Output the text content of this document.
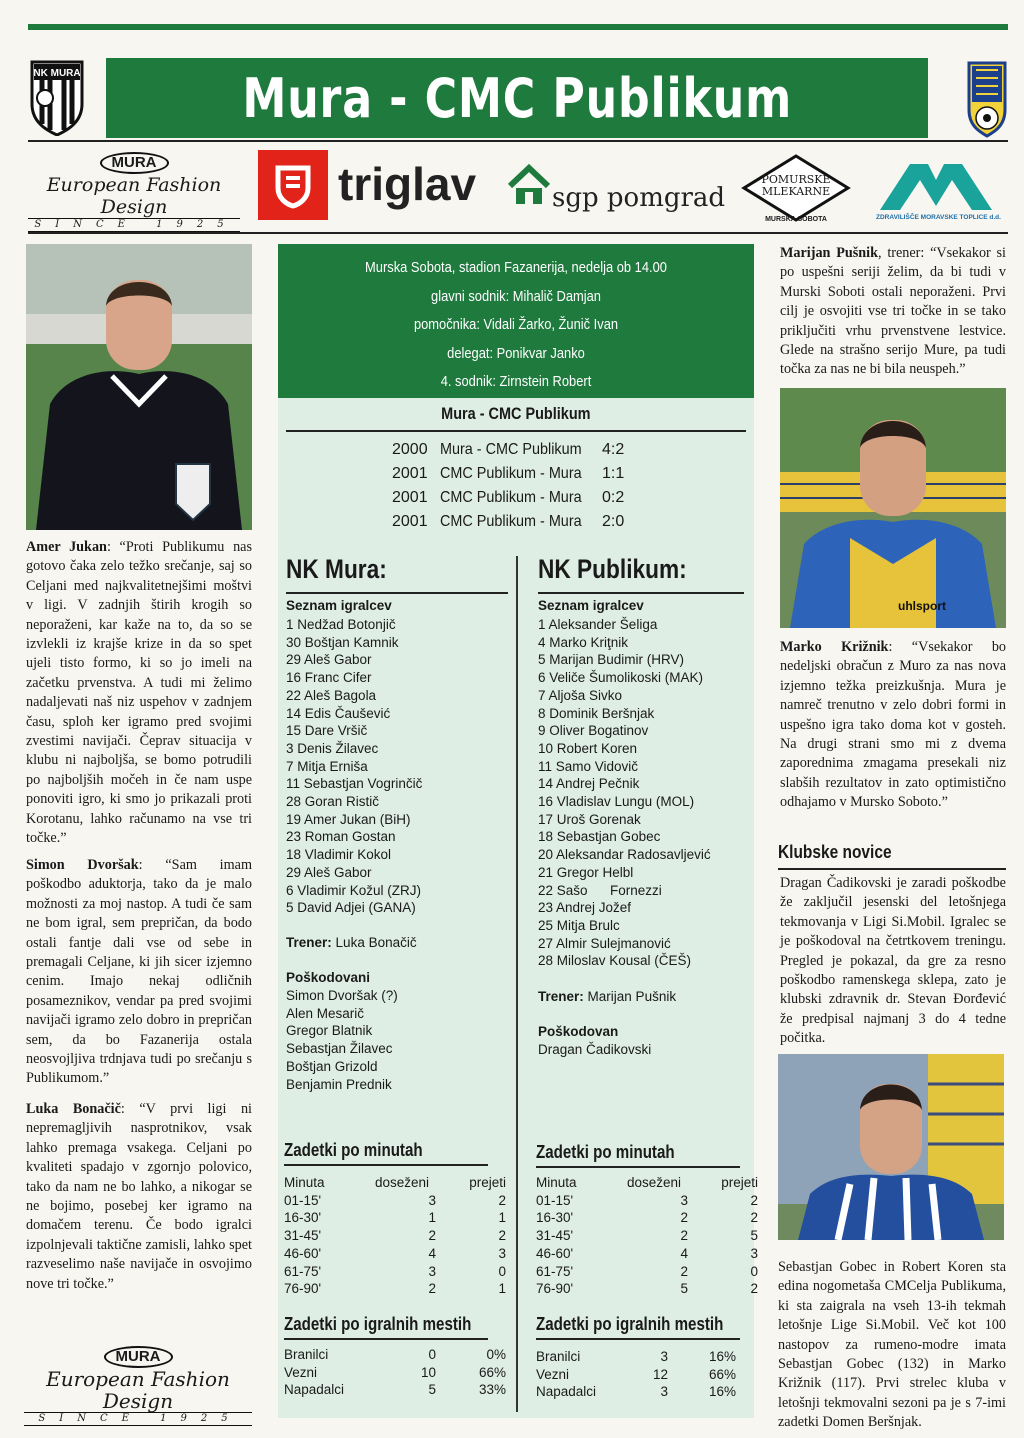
NK MURA	Mura - CMC Publikum
MURA
European Fashion Design
SINCE 1925
triglav	sgp pomgrad
POMURSKE
MLEKARNE
MURSKA SOBOTA	ZDRAVILIŠČE MORAVSKE TOPLICE d.d.
Amer Jukan: “Proti Publikumu nas gotovo čaka zelo težko srečanje, saj so Celjani med najkvalitetnejšimi moštvi v ligi. V zadnjih štirih krogih so neporaženi, kar kaže na to, da so se izvlekli iz krajše krize in da so spet ujeli tisto formo, ki so jo imeli na začetku prvenstva. A tudi mi želimo nadaljevati naš niz uspehov v zadnjem času, sploh ker igramo pred svojimi zvestimi navijači. Čeprav situacija v klubu ni najboljša, se bomo potrudili po najboljših močeh in če nam uspe ponoviti igro, ki smo jo prikazali proti Korotanu, lahko računamo na vse tri točke.”
Simon Dvoršak: “Sam imam poškodbo aduktorja, tako da je malo možnosti za moj nastop. A tudi če sam ne bom igral, sem prepričan, da bodo ostali fantje dali vse od sebe in premagali Celjane, ki jih sicer izjemno cenim. Imajo nekaj odličnih posameznikov, vendar pa pred svojimi navijači igramo zelo dobro in prepričan sem, da bo Fazanerija ostala neosvojljiva trdnjava tudi po srečanju s Publikumom.”
Luka Bonačič: “V prvi ligi ni nepremagljivih nasprotnikov, vsak lahko premaga vsakega. Celjani po kvaliteti spadajo v zgornjo polovico, tako da nam ne bo lahko, a nikogar se ne bojimo, posebej ker igramo na domačem terenu. Če bodo igralci izpolnjevali taktične zamisli, lahko spet razveselimo naše navijače in osvojimo nove tri točke.”
MURA
European Fashion Design
SINCE 1925
Murska Sobota, stadion Fazanerija, nedelja ob 14.00
glavni sodnik: Mihalič Damjan
pomočnika: Vidali Žarko, Žunič Ivan
delegat: Ponikvar Janko
4. sodnik: Zirnstein Robert
Mura - CMC Publikum
2000 Mura - CMC Publikum 4:2
2001 CMC Publikum - Mura 1:1
2001 CMC Publikum - Mura 0:2
2001 CMC Publikum - Mura 2:0
NK Mura:
Seznam igralcev
1 Nedžad Botonjič
30 Boštjan Kamnik
29 Aleš Gabor
16 Franc Cifer
22 Aleš Bagola
14 Edis Čaušević
15 Dare Vršič
3 Denis Žilavec
7 Mitja Erniša
11 Sebastjan Vogrinčič
28 Goran Ristič
19 Amer Jukan (BiH)
23 Roman Gostan
18 Vladimir Kokol
29 Aleš Gabor
6 Vladimir Kožul (ZRJ)
5 David Adjei (GANA)
Trener: Luka Bonačič
Poškodovani
Simon Dvoršak (?)
Alen Mesarič
Gregor Blatnik
Sebastjan Žilavec
Boštjan Grizold
Benjamin Prednik
Zadetki po minutah
Minuta	doseženi	prejeti
01-15'	3	2
16-30'	1	1
31-45'	2	2
46-60'	4	3
61-75'	3	0
76-90'	2	1
Zadetki po igralnih mestih
Branilci	0	0%
Vezni	10	66%
Napadalci	5	33%
NK Publikum:
Seznam igralcev
1 Aleksander Šeliga
4 Marko Kriţnik
5 Marijan Budimir (HRV)
6 Veliče Šumolikoski (MAK)
7 Aljoša Sivko
8 Dominik Beršnjak
9 Oliver Bogatinov
10 Robert Koren
11 Samo Vidovič
14 Andrej Pečnik
16 Vladislav Lungu (MOL)
17 Uroš Gorenak
18 Sebastjan Gobec
20 Aleksandar Radosavljević
21 Gregor Helbl
22 Sašo      Fornezzi
23 Andrej Jožef
25 Mitja Brulc
27 Almir Sulejmanović
28 Miloslav Kousal (ČEŠ)
Trener: Marijan Pušnik
Poškodovan
Dragan Čadikovski
Zadetki po minutah
Minuta	doseženi	prejeti
01-15'	3	2
16-30'	2	2
31-45'	2	5
46-60'	4	3
61-75'	2	0
76-90'	5	2
Zadetki po igralnih mestih
Branilci	3	16%
Vezni	12	66%
Napadalci	3	16%
Marijan Pušnik, trener: “Vsekakor si po uspešni seriji želim, da bi tudi v Murski Soboti ostali neporaženi. Prvi cilj je osvojiti vse tri točke in se tako priključiti vrhu prvenstvene lestvice. Glede na strašno serijo Mure, pa tudi točka za nas ne bi bila neuspeh.”
uhlsport
Marko Križnik: “Vsekakor bo nedeljski obračun z Muro za nas nova izjemno težka preizkušnja. Mura je namreč trenutno v zelo dobri formi in uspešno igra tako doma kot v gosteh. Na drugi strani smo mi z dvema zaporednima zmagama presekali niz slabših rezultatov in zato optimistično odhajamo v Mursko Soboto.”
Klubske novice
Dragan Čadikovski je zaradi poškodbe že zaključil jesenski del letošnjega tekmovanja v Ligi Si.Mobil. Igralec se je poškodoval na četrtkovem treningu. Pregled je pokazal, da gre za resno poškodbo ramenskega sklepa, zato je klubski zdravnik dr. Stevan Đorđević že predpisal najmanj 3 do 4 tedne počitka.
Sebastjan Gobec in Robert Koren sta edina nogometaša CMCelja Publikuma, ki sta zaigrala na vseh 13-ih tekmah letošnje Lige Si.Mobil. Več kot 100 nastopov za rumeno-modre imata Sebastjan Gobec (132) in Marko Križnik (117). Prvi strelec kluba v letošnji tekmovalni sezoni pa je s 7-imi zadetki Domen Beršnjak.
